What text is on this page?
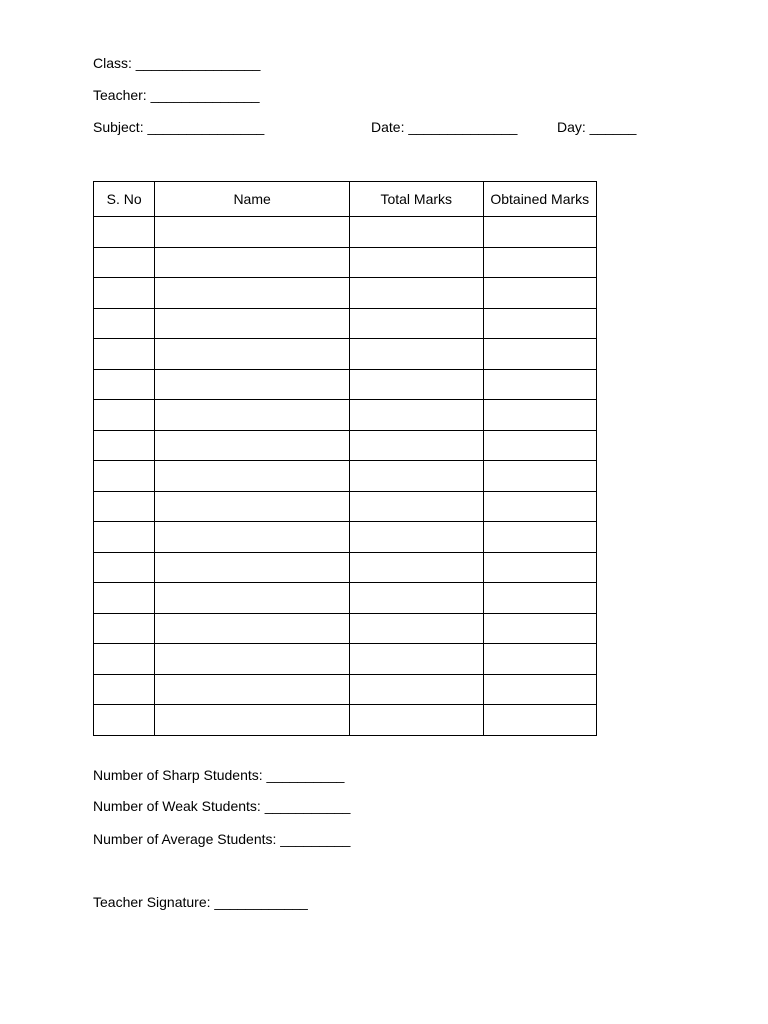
Class: ________________
Teacher: ______________
Subject: _______________	Date: ______________	Day: ______
S. No	Name	Total Marks	Obtained Marks

Number of Sharp Students: __________
Number of Weak Students: ___________
Number of Average Students: _________
Teacher Signature: ____________
